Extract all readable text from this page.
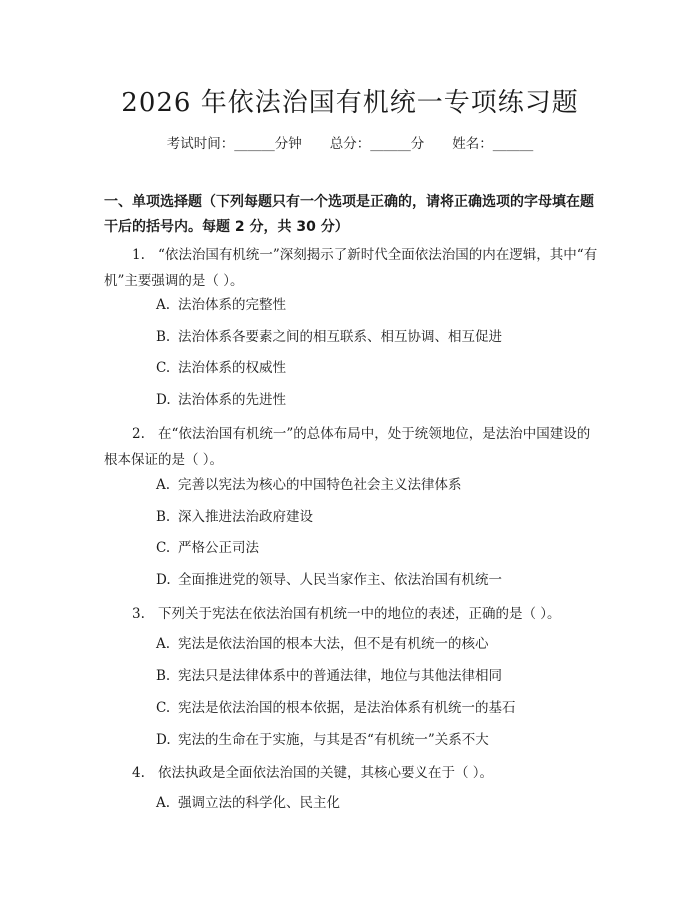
2026 年依法治国有机统一专项练习题
考试时间：______分钟 总分：______分 姓名：______
一、单项选择题（下列每题只有一个选项是正确的，请将正确选项的字母填在题干后的括号内。每题 2 分，共 30 分）
1. “依法治国有机统一”深刻揭示了新时代全面依法治国的内在逻辑，其中“有机”主要强调的是（ ）。
A. 法治体系的完整性
B. 法治体系各要素之间的相互联系、相互协调、相互促进
C. 法治体系的权威性
D. 法治体系的先进性
2. 在“依法治国有机统一”的总体布局中，处于统领地位，是法治中国建设的根本保证的是（ ）。
A. 完善以宪法为核心的中国特色社会主义法律体系
B. 深入推进法治政府建设
C. 严格公正司法
D. 全面推进党的领导、人民当家作主、依法治国有机统一
3. 下列关于宪法在依法治国有机统一中的地位的表述，正确的是（ ）。
A. 宪法是依法治国的根本大法，但不是有机统一的核心
B. 宪法只是法律体系中的普通法律，地位与其他法律相同
C. 宪法是依法治国的根本依据，是法治体系有机统一的基石
D. 宪法的生命在于实施，与其是否“有机统一”关系不大
4. 依法执政是全面依法治国的关键，其核心要义在于（ ）。
A. 强调立法的科学化、民主化
